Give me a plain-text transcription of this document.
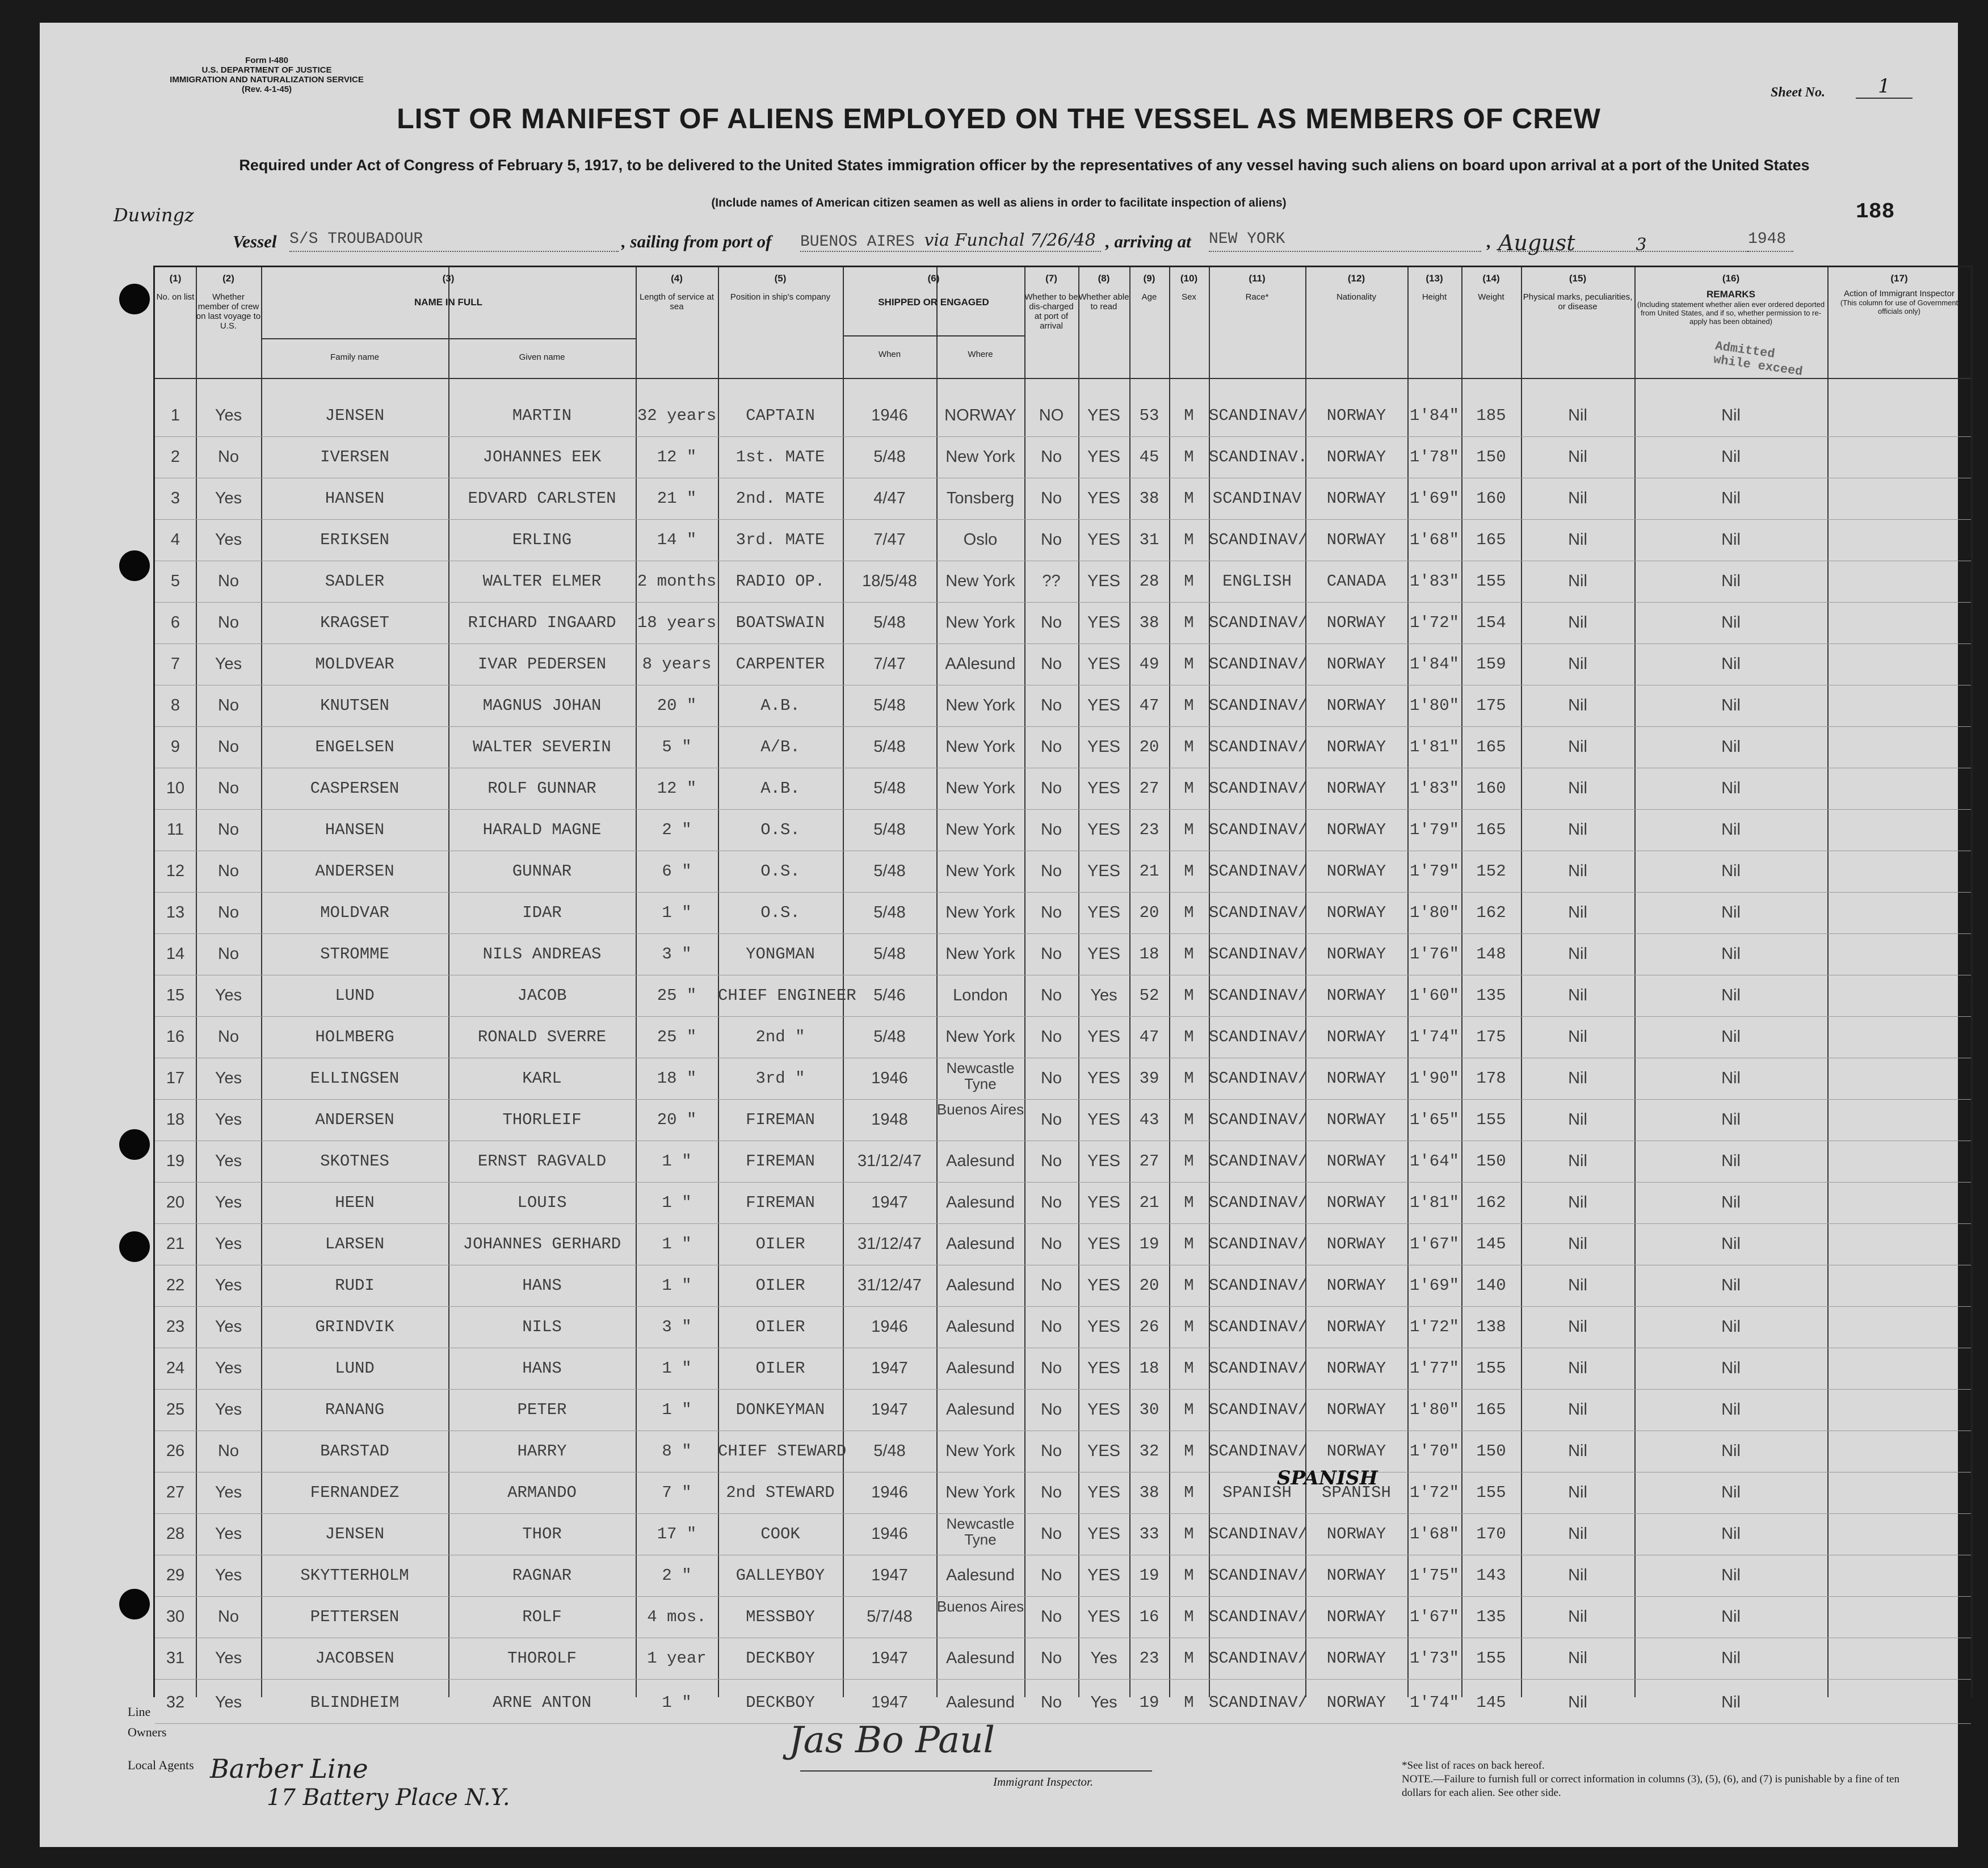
Form I-480
U.S. DEPARTMENT OF JUSTICE
IMMIGRATION AND NATURALIZATION SERVICE
(Rev. 4-1-45)	Sheet No.	1
LIST OR MANIFEST OF ALIENS EMPLOYED ON THE VESSEL AS MEMBERS OF CREW
Required under Act of Congress of February 5, 1917, to be delivered to the United States immigration officer by the representatives of any vessel having such aliens on board upon arrival at a port of the United States
(Include names of American citizen seamen as well as aliens in order to facilitate inspection of aliens)	188
Duwingz
Vessel S/S TROUBADOUR	, sailing from port of BUENOS AIRES via Funchal 7/26/48 , arriving at NEW YORK	, August	3	1948
(1)
No. on list
(2)
Whether member of crew on last voyage to U.S.
(3)
NAME IN FULL
Family name	Given name
(4)
Length of service at sea
(5)
Position in ship's company
(6)
SHIPPED OR ENGAGED
When	Where
(7)
Whether to be dis-charged at port of arrival
(8)
Whether able to read
(9)
Age
(10)
Sex
(11)
Race*
(12)
Nationality
(13)
Height
(14)
Weight
(15)
Physical marks, peculiarities, or disease
(16)
REMARKS
(Including statement whether alien ever ordered deported from United States, and if so, whether permission to re-apply has been obtained)
(17)
Action of Immigrant Inspector
(This column for use of Government officials only)
1	Yes	JENSEN	MARTIN	32 years	CAPTAIN	1946	NORWAY	NO	YES	53	M SCANDINAV/	NORWAY	1'84"	185	Nil	Nil
2	No	IVERSEN	JOHANNES EEK	12 "	1st. MATE	5/48	New York	No	YES	45	M SCANDINAV.	NORWAY	1'78"	150	Nil	Nil
3	Yes	HANSEN	EDVARD CARLSTEN	21 "	2nd. MATE	4/47	Tonsberg	No	YES	38	M	SCANDINAV	NORWAY	1'69"	160	Nil	Nil
4	Yes	ERIKSEN	ERLING	14 "	3rd. MATE	7/47	Oslo	No	YES	31	M SCANDINAV/	NORWAY	1'68"	165	Nil	Nil
5	No	SADLER	WALTER ELMER	2 months	RADIO OP.	18/5/48	New York	??	YES	28	M	ENGLISH	CANADA	1'83"	155	Nil	Nil
6	No	KRAGSET	RICHARD INGAARD	18 years	BOATSWAIN	5/48	New York	No	YES	38	M SCANDINAV/	NORWAY	1'72"	154	Nil	Nil
7	Yes	MOLDVEAR	IVAR PEDERSEN	8 years	CARPENTER	7/47	AAlesund	No	YES	49	M SCANDINAV/	NORWAY	1'84"	159	Nil	Nil
8	No	KNUTSEN	MAGNUS JOHAN	20 "	A.B.	5/48	New York	No	YES	47	M SCANDINAV/	NORWAY	1'80"	175	Nil	Nil
9	No	ENGELSEN	WALTER SEVERIN	5 "	A/B.	5/48	New York	No	YES	20	M SCANDINAV/	NORWAY	1'81"	165	Nil	Nil
10	No	CASPERSEN	ROLF GUNNAR	12 "	A.B.	5/48	New York	No	YES	27	M SCANDINAV/	NORWAY	1'83"	160	Nil	Nil
11	No	HANSEN	HARALD MAGNE	2 "	O.S.	5/48	New York	No	YES	23	M SCANDINAV/	NORWAY	1'79"	165	Nil	Nil
12	No	ANDERSEN	GUNNAR	6 "	O.S.	5/48	New York	No	YES	21	M SCANDINAV/	NORWAY	1'79"	152	Nil	Nil
13	No	MOLDVAR	IDAR	1 "	O.S.	5/48	New York	No	YES	20	M SCANDINAV/	NORWAY	1'80"	162	Nil	Nil
14	No	STROMME	NILS ANDREAS	3 "	YONGMAN	5/48	New York	No	YES	18	M SCANDINAV/	NORWAY	1'76"	148	Nil	Nil
15	Yes	LUND	JACOB	25 "	CHIEF ENGINEER	5/46	London	No	Yes	52	M SCANDINAV/	NORWAY	1'60"	135	Nil	Nil
16	No	HOLMBERG	RONALD SVERRE	25 "	2nd "	5/48	New York	No	YES	47	M SCANDINAV/	NORWAY	1'74"	175	Nil	Nil
17	Yes	ELLINGSEN	KARL	18 "	3rd "	1946
Newcastle Tyne	No	YES	39	M SCANDINAV/	NORWAY	1'90"	178	Nil	Nil
18	Yes	ANDERSEN	THORLEIF	20 "	FIREMAN	1948
Buenos Aires
No	YES	43	M SCANDINAV/	NORWAY	1'65"	155	Nil	Nil
19	Yes	SKOTNES	ERNST RAGVALD	1 "	FIREMAN	31/12/47	Aalesund	No	YES	27	M SCANDINAV/	NORWAY	1'64"	150	Nil	Nil
20	Yes	HEEN	LOUIS	1 "	FIREMAN	1947	Aalesund	No	YES	21	M SCANDINAV/	NORWAY	1'81"	162	Nil	Nil
21	Yes	LARSEN	JOHANNES GERHARD	1 "	OILER	31/12/47	Aalesund	No	YES	19	M SCANDINAV/	NORWAY	1'67"	145	Nil	Nil
22	Yes	RUDI	HANS	1 "	OILER	31/12/47	Aalesund	No	YES	20	M SCANDINAV/	NORWAY	1'69"	140	Nil	Nil
23	Yes	GRINDVIK	NILS	3 "	OILER	1946	Aalesund	No	YES	26	M SCANDINAV/	NORWAY	1'72"	138	Nil	Nil
24	Yes	LUND	HANS	1 "	OILER	1947	Aalesund	No	YES	18	M SCANDINAV/	NORWAY	1'77"	155	Nil	Nil
25	Yes	RANANG	PETER	1 "	DONKEYMAN	1947	Aalesund	No	YES	30	M SCANDINAV/	NORWAY	1'80"	165	Nil	Nil
26	No	BARSTAD	HARRY	8 "	CHIEF STEWARD	5/48	New York	No	YES	32	M SCANDINAV/	NORWAY	1'70"	150	Nil	Nil
27	Yes	FERNANDEZ	ARMANDO	7 "	2nd STEWARD	1946	New York	No	YES	38	M	SPANISH	SPANISH	1'72"	155	Nil	Nil
28	Yes	JENSEN	THOR	17 "	COOK	1946
Newcastle Tyne	No	YES	33	M SCANDINAV/	NORWAY	1'68"	170	Nil	Nil
29	Yes	SKYTTERHOLM	RAGNAR	2 "	GALLEYBOY	1947	Aalesund	No	YES	19	M SCANDINAV/	NORWAY	1'75"	143	Nil	Nil
30	No	PETTERSEN	ROLF	4 mos.	MESSBOY	5/7/48
Buenos Aires
No	YES	16	M SCANDINAV/	NORWAY	1'67"	135	Nil	Nil
31	Yes	JACOBSEN	THOROLF	1 year	DECKBOY	1947	Aalesund	No	Yes	23	M SCANDINAV/	NORWAY	1'73"	155	Nil	Nil
32	Yes	BLINDHEIM	ARNE ANTON	1 "	DECKBOY	1947	Aalesund	No	Yes	19	M SCANDINAV/	NORWAY	1'74"	145	Nil	Nil
Line
Owners
Local Agents Barber Line
17 Battery Place N.Y.
Jas Bo Paul
Immigrant Inspector.
*See list of races on back hereof.
NOTE.—Failure to furnish full or correct information in columns (3), (5), (6), and (7) is punishable by a fine of ten dollars for each alien. See other side.
Admitted while exceed
SPANISH
